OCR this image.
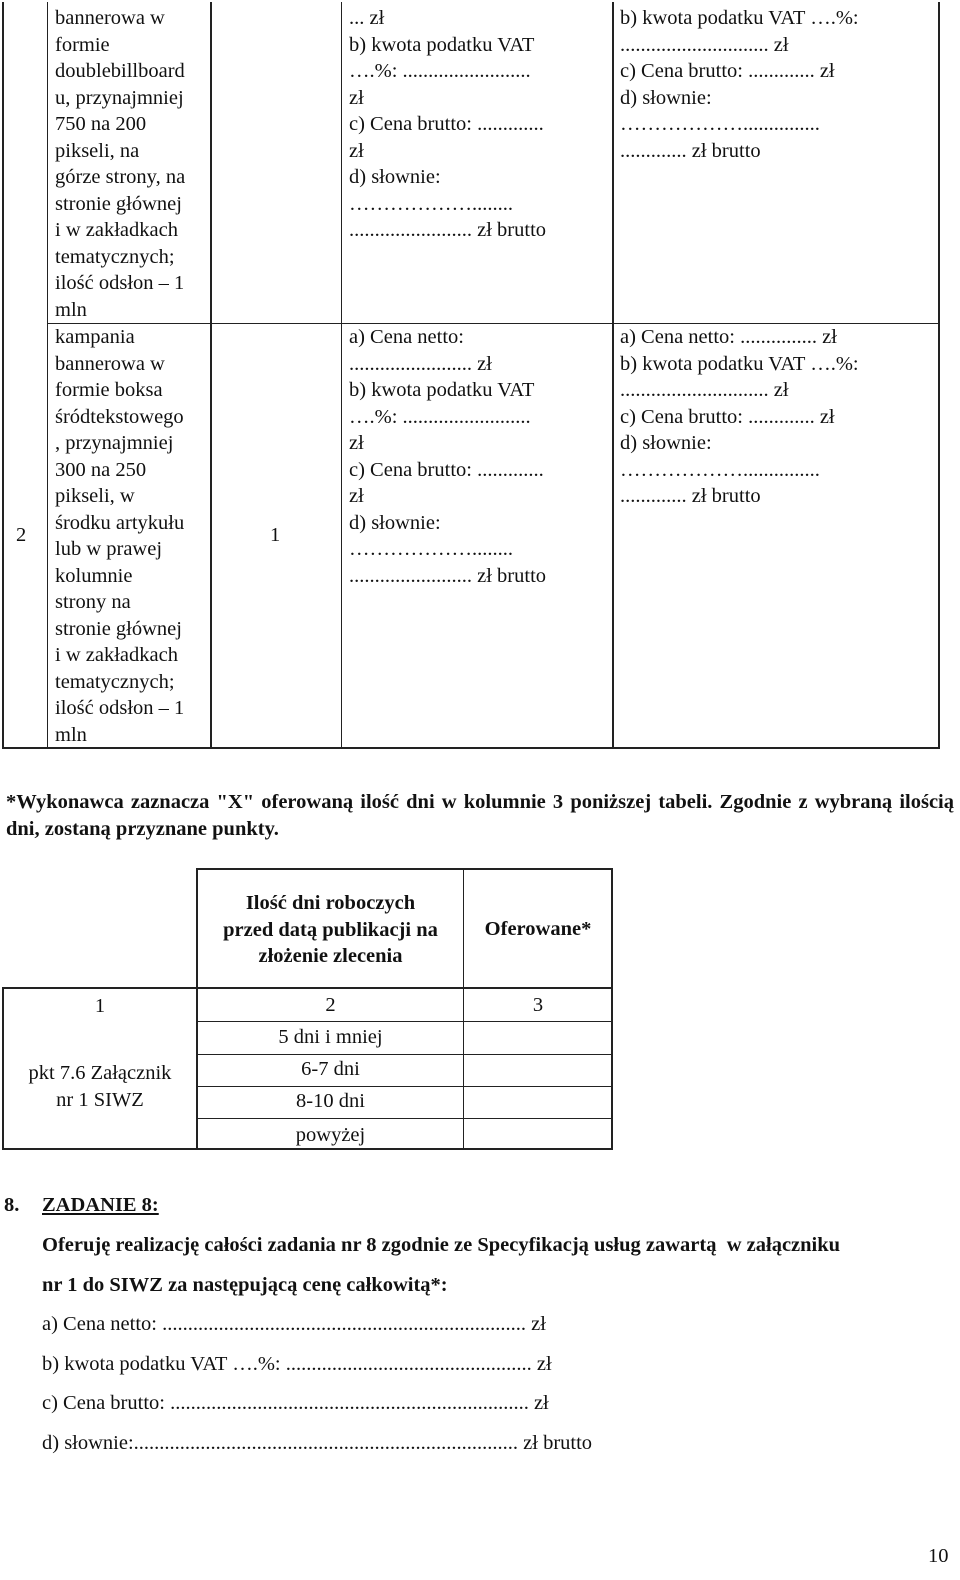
2
bannerowa w
formie
doublebillboard
u, przynajmniej
750 na 200
pikseli, na
górze strony, na
stronie głównej
i w zakładkach
tematycznych;
ilość odsłon – 1
mln
kampania
bannerowa w
formie boksa
śródtekstowego
, przynajmniej
300 na 250
pikseli, w
środku artykułu
lub w prawej
kolumnie
strony na
stronie głównej
i w zakładkach
tematycznych;
ilość odsłon – 1
mln
1
... zł
b) kwota podatku VAT
….%: .........................
zł
c) Cena brutto: .............
zł
d) słownie:
………………........
........................ zł brutto
a) Cena netto:
........................ zł
b) kwota podatku VAT
….%: .........................
zł
c) Cena brutto: .............
zł
d) słownie:
………………........
........................ zł brutto
b) kwota podatku VAT ….%:
............................. zł
c) Cena brutto: ............. zł
d) słownie:
………………...............
............. zł brutto
a) Cena netto: ............... zł
b) kwota podatku VAT ….%:
............................. zł
c) Cena brutto: ............. zł
d) słownie:
………………...............
............. zł brutto
*Wykonawca zaznacza "X" oferowaną ilość dni w kolumnie 3 poniższej tabeli. Zgodnie z wybraną ilością dni, zostaną przyznane punkty.
Ilość dni roboczych
przed datą publikacji na
złożenie zlecenia
Oferowane*
1	2	3
pkt 7.6 Załącznik
nr 1 SIWZ
5 dni i mniej
6-7 dni
8-10 dni
powyżej
8. ZADANIE 8:
Oferuję realizację całości zadania nr 8 zgodnie ze Specyfikacją usług zawartą  w załączniku
nr 1 do SIWZ za następującą cenę całkowitą*:
a) Cena netto: ....................................................................... zł
b) kwota podatku VAT ….%: ................................................ zł
c) Cena brutto: ...................................................................... zł
d) słownie:........................................................................... zł brutto
10
